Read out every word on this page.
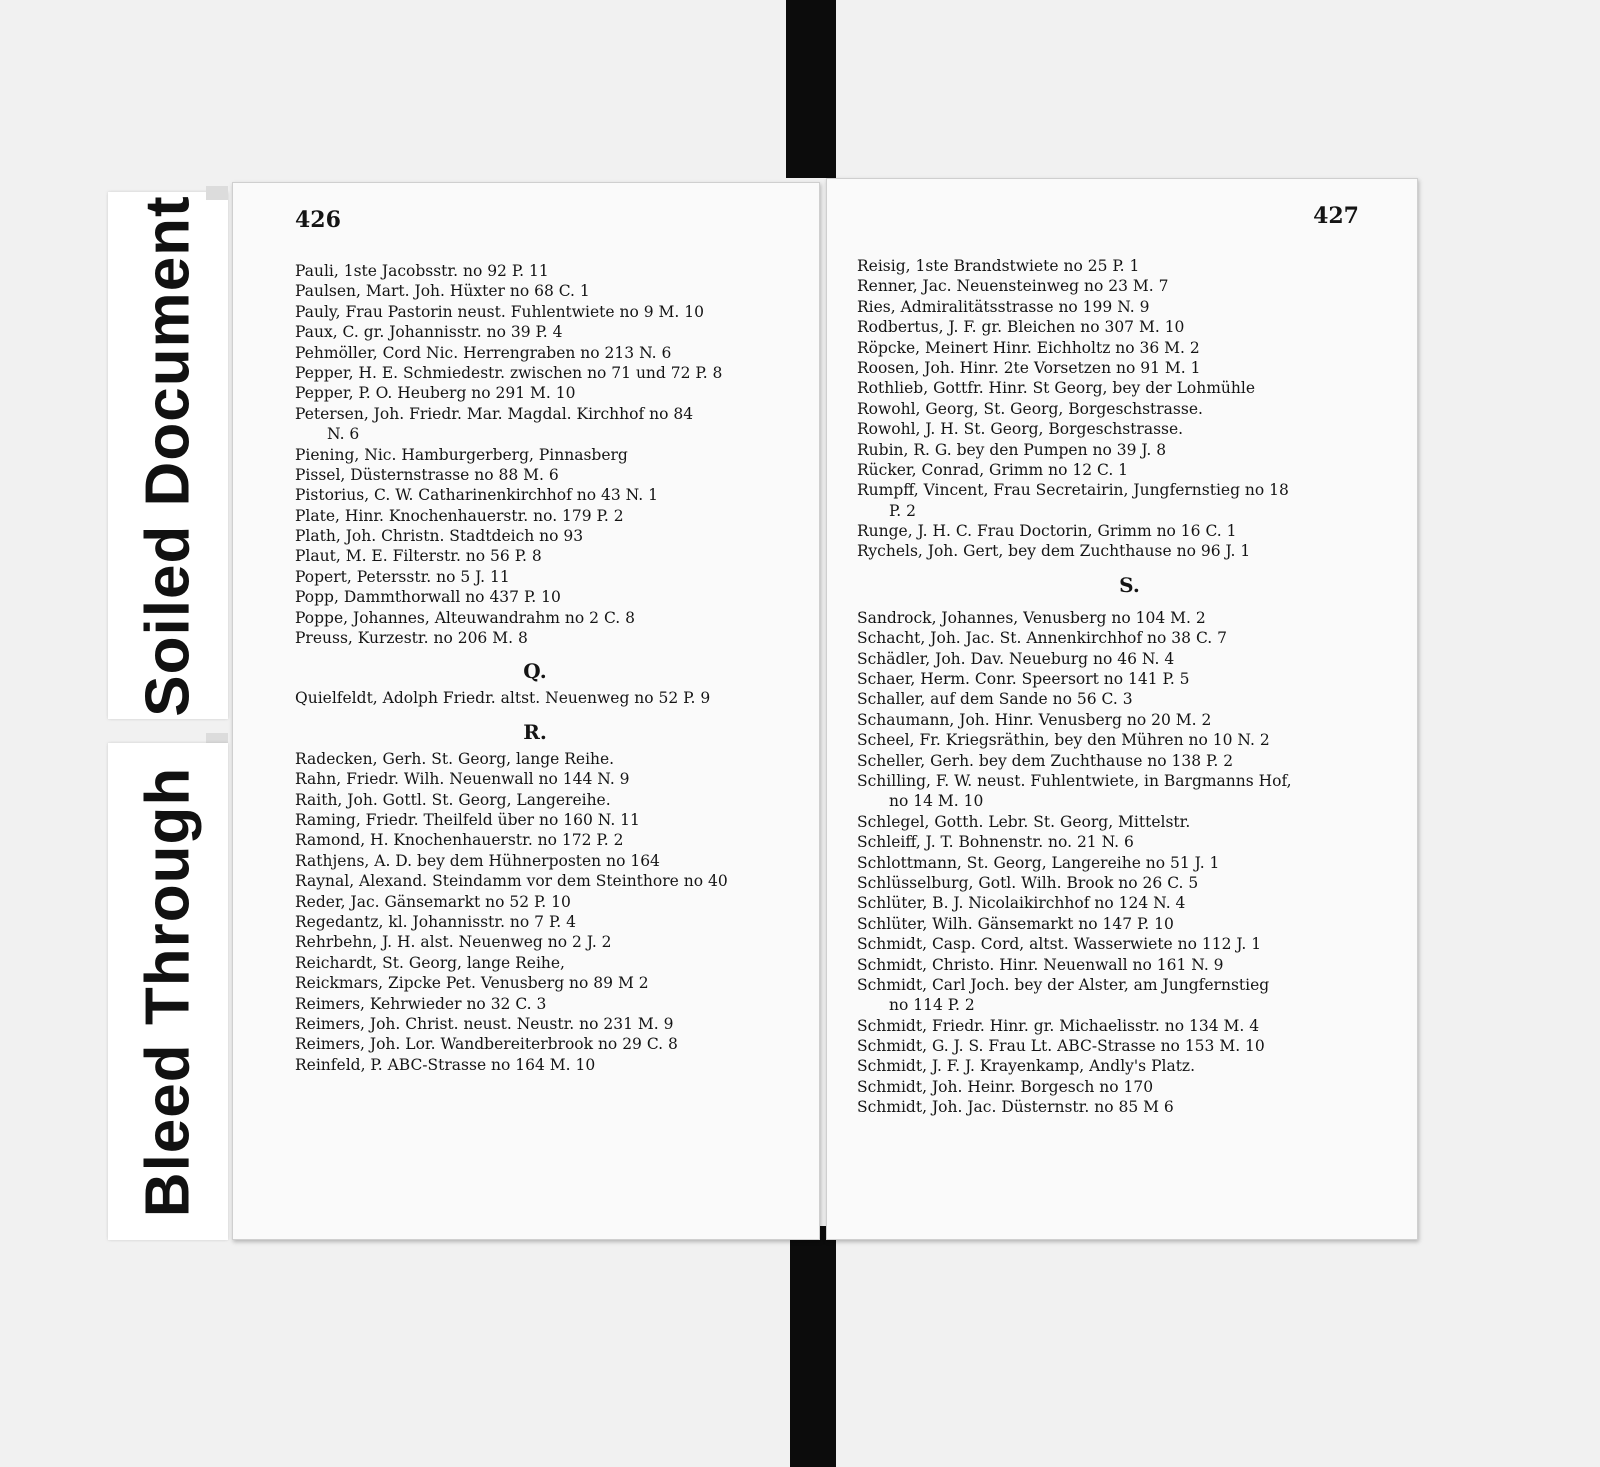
Soiled Document
Bleed Through
426
Pauli, 1ste Jacobsstr. no 92 P. 11
Paulsen, Mart. Joh. Hüxter no 68 C. 1
Pauly, Frau Pastorin neust. Fuhlentwiete no 9 M. 10
Paux, C. gr. Johannisstr. no 39 P. 4
Pehmöller, Cord Nic. Herrengraben no 213 N. 6
Pepper, H. E. Schmiedestr. zwischen no 71 und 72 P. 8
Pepper, P. O. Heuberg no 291 M. 10
Petersen, Joh. Friedr. Mar. Magdal. Kirchhof no 84
N. 6
Piening, Nic. Hamburgerberg, Pinnasberg
Pissel, Düsternstrasse no 88 M. 6
Pistorius, C. W. Catharinenkirchhof no 43 N. 1
Plate, Hinr. Knochenhauerstr. no. 179 P. 2
Plath, Joh. Christn. Stadtdeich no 93
Plaut, M. E. Filterstr. no 56 P. 8
Popert, Petersstr. no 5 J. 11
Popp, Dammthorwall no 437 P. 10
Poppe, Johannes, Alteuwandrahm no 2 C. 8
Preuss, Kurzestr. no 206 M. 8
Q.
Quielfeldt, Adolph Friedr. altst. Neuenweg no 52 P. 9
R.
Radecken, Gerh. St. Georg, lange Reihe.
Rahn, Friedr. Wilh. Neuenwall no 144 N. 9
Raith, Joh. Gottl. St. Georg, Langereihe.
Raming, Friedr. Theilfeld über no 160 N. 11
Ramond, H. Knochenhauerstr. no 172 P. 2
Rathjens, A. D. bey dem Hühnerposten no 164
Raynal, Alexand. Steindamm vor dem Steinthore no 40
Reder, Jac. Gänsemarkt no 52 P. 10
Regedantz, kl. Johannisstr. no 7 P. 4
Rehrbehn, J. H. alst. Neuenweg no 2 J. 2
Reichardt, St. Georg, lange Reihe,
Reickmars, Zipcke Pet. Venusberg no 89 M 2
Reimers, Kehrwieder no 32 C. 3
Reimers, Joh. Christ. neust. Neustr. no 231 M. 9
Reimers, Joh. Lor. Wandbereiterbrook no 29 C. 8
Reinfeld, P. ABC-Strasse no 164 M. 10
427
Reisig, 1ste Brandstwiete no 25 P. 1
Renner, Jac. Neuensteinweg no 23 M. 7
Ries, Admiralitätsstrasse no 199 N. 9
Rodbertus, J. F. gr. Bleichen no 307 M. 10
Röpcke, Meinert Hinr. Eichholtz no 36 M. 2
Roosen, Joh. Hinr. 2te Vorsetzen no 91 M. 1
Rothlieb, Gottfr. Hinr. St Georg, bey der Lohmühle
Rowohl, Georg, St. Georg, Borgeschstrasse.
Rowohl, J. H. St. Georg, Borgeschstrasse.
Rubin, R. G. bey den Pumpen no 39 J. 8
Rücker, Conrad, Grimm no 12 C. 1
Rumpff, Vincent, Frau Secretairin, Jungfernstieg no 18
P. 2
Runge, J. H. C. Frau Doctorin, Grimm no 16 C. 1
Rychels, Joh. Gert, bey dem Zuchthause no 96 J. 1
S.
Sandrock, Johannes, Venusberg no 104 M. 2
Schacht, Joh. Jac. St. Annenkirchhof no 38 C. 7
Schädler, Joh. Dav. Neueburg no 46 N. 4
Schaer, Herm. Conr. Speersort no 141 P. 5
Schaller, auf dem Sande no 56 C. 3
Schaumann, Joh. Hinr. Venusberg no 20 M. 2
Scheel, Fr. Kriegsräthin, bey den Mühren no 10 N. 2
Scheller, Gerh. bey dem Zuchthause no 138 P. 2
Schilling, F. W. neust. Fuhlentwiete, in Bargmanns Hof,
no 14 M. 10
Schlegel, Gotth. Lebr. St. Georg, Mittelstr.
Schleiff, J. T. Bohnenstr. no. 21 N. 6
Schlottmann, St. Georg, Langereihe no 51 J. 1
Schlüsselburg, Gotl. Wilh. Brook no 26 C. 5
Schlüter, B. J. Nicolaikirchhof no 124 N. 4
Schlüter, Wilh. Gänsemarkt no 147 P. 10
Schmidt, Casp. Cord, altst. Wasserwiete no 112 J. 1
Schmidt, Christo. Hinr. Neuenwall no 161 N. 9
Schmidt, Carl Joch. bey der Alster, am Jungfernstieg
no 114 P. 2
Schmidt, Friedr. Hinr. gr. Michaelisstr. no 134 M. 4
Schmidt, G. J. S. Frau Lt. ABC-Strasse no 153 M. 10
Schmidt, J. F. J. Krayenkamp, Andly's Platz.
Schmidt, Joh. Heinr. Borgesch no 170
Schmidt, Joh. Jac. Düsternstr. no 85 M 6
